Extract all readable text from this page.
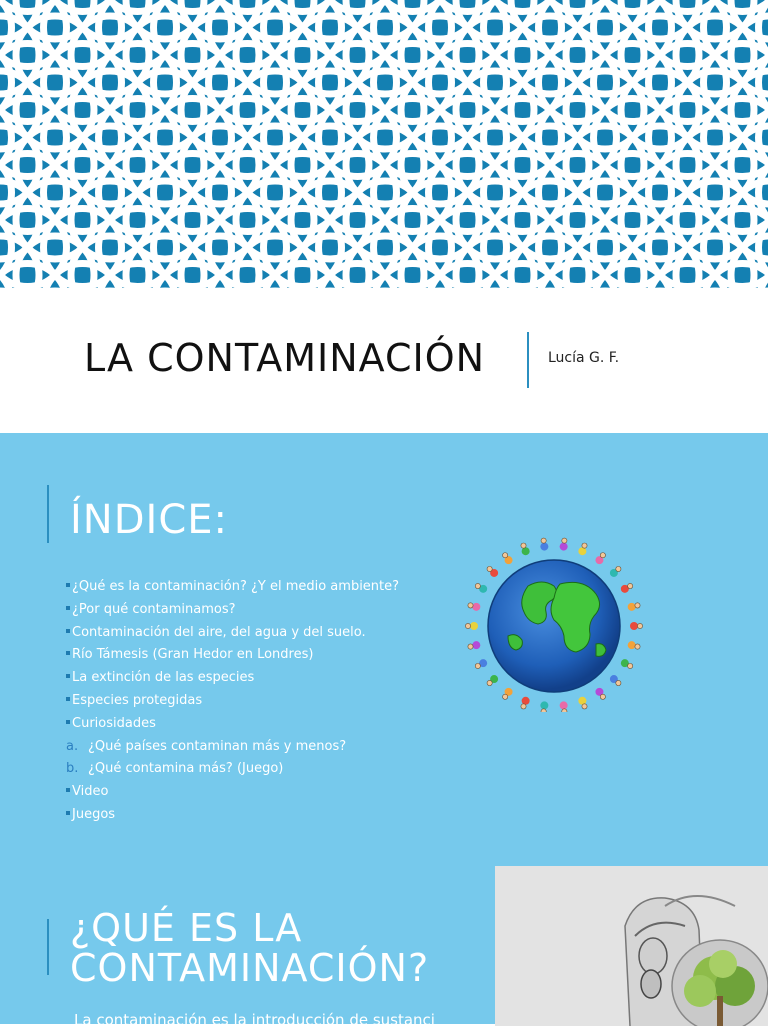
LA CONTAMINACIÓN	Lucía G. F.
ÍNDICE:
¿Qué es la contaminación? ¿Y el medio ambiente?
¿Por qué contaminamos?
Contaminación del aire, del agua y del suelo.
Río Támesis (Gran Hedor en Londres)
La extinción de las especies
Especies protegidas
Curiosidades
a. ¿Qué países contaminan más y menos?
b. ¿Qué contamina más? (Juego)
Video
Juegos
¿QUÉ ES LA
CONTAMINACIÓN?
La contaminación es la introducción de sustanci
